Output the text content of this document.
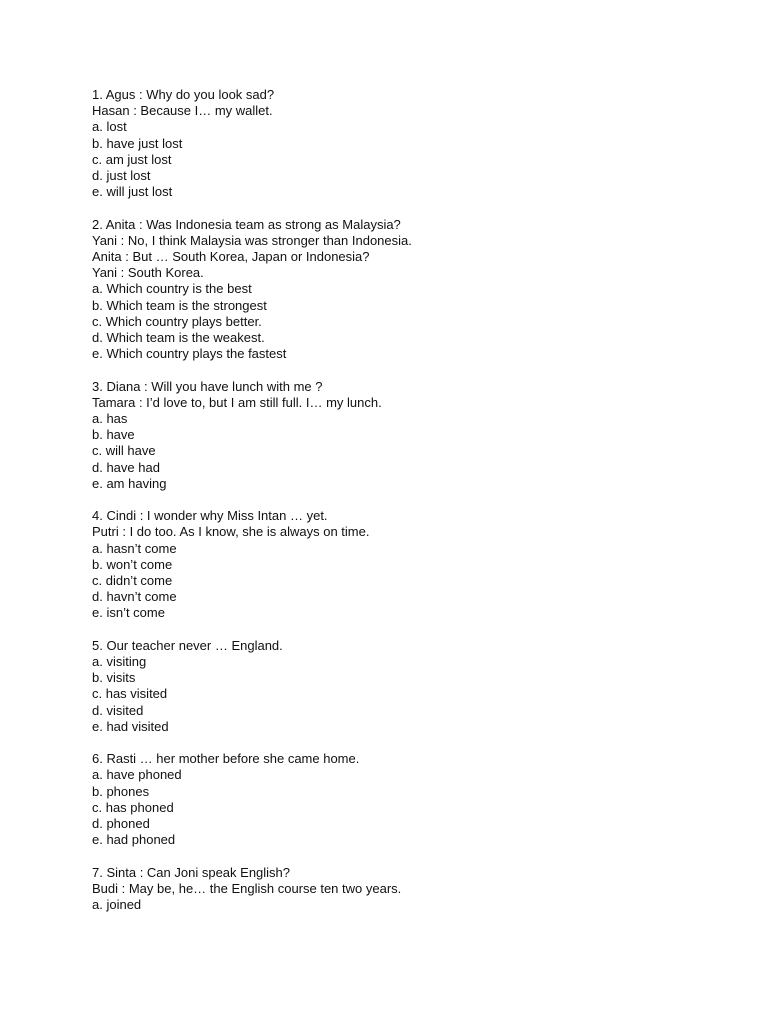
1. Agus : Why do you look sad?
Hasan : Because I… my wallet.
a. lost
b. have just lost
c. am just lost
d. just lost
e. will just lost
2. Anita : Was Indonesia team as strong as Malaysia?
Yani : No, I think Malaysia was stronger than Indonesia.
Anita : But … South Korea, Japan or Indonesia?
Yani : South Korea.
a. Which country is the best
b. Which team is the strongest
c. Which country plays better.
d. Which team is the weakest.
e. Which country plays the fastest
3. Diana : Will you have lunch with me ?
Tamara : I’d love to, but I am still full. I… my lunch.
a. has
b. have
c. will have
d. have had
e. am having
4. Cindi : I wonder why Miss Intan … yet.
Putri : I do too. As I know, she is always on time.
a. hasn’t come
b. won’t come
c. didn’t come
d. havn’t come
e. isn’t come
5. Our teacher never … England.
a. visiting
b. visits
c. has visited
d. visited
e. had visited
6. Rasti … her mother before she came home.
a. have phoned
b. phones
c. has phoned
d. phoned
e. had phoned
7. Sinta : Can Joni speak English?
Budi : May be, he… the English course ten two years.
a. joined
